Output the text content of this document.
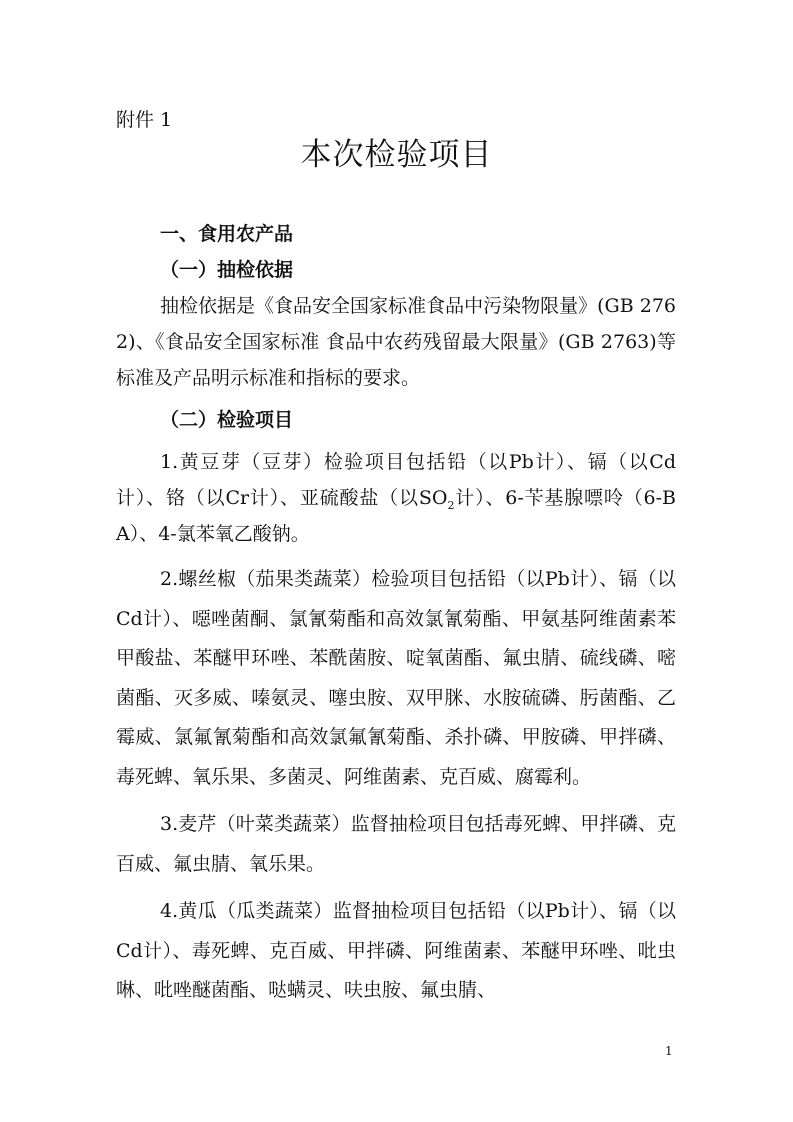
附件 1
本次检验项目

一、食用农产品

（一）抽检依据

抽检依据是《食品安全国家标准食品中污染物限量》(GB 2762)、《食品安全国家标准 食品中农药残留最大限量》(GB 2763)等标准及产品明示标准和指标的要求。

（二）检验项目

1.黄豆芽（豆芽）检验项目包括铅（以Pb计）、镉（以Cd计）、铬（以Cr计）、亚硫酸盐（以$SO_2$计）、6-苄基腺嘌呤（6-BA）、4-氯苯氧乙酸钠。

2.螺丝椒（茄果类蔬菜）检验项目包括铅（以Pb计）、镉（以Cd计）、噁唑菌酮、氯氰菊酯和高效氯氰菊酯、甲氨基阿维菌素苯甲酸盐、苯醚甲环唑、苯酰菌胺、啶氧菌酯、氟虫腈、硫线磷、嘧菌酯、灭多威、嗪氨灵、噻虫胺、双甲脒、水胺硫磷、肟菌酯、乙霉威、氯氟氰菊酯和高效氯氟氰菊酯、杀扑磷、甲胺磷、甲拌磷、毒死蜱、氧乐果、多菌灵、阿维菌素、克百威、腐霉利。

3.麦芹（叶菜类蔬菜）监督抽检项目包括毒死蜱、甲拌磷、克百威、氟虫腈、氧乐果。

4.黄瓜（瓜类蔬菜）监督抽检项目包括铅（以Pb计）、镉（以Cd计）、毒死蜱、克百威、甲拌磷、阿维菌素、苯醚甲环唑、吡虫啉、吡唑醚菌酯、哒螨灵、呋虫胺、氟虫腈、

1
